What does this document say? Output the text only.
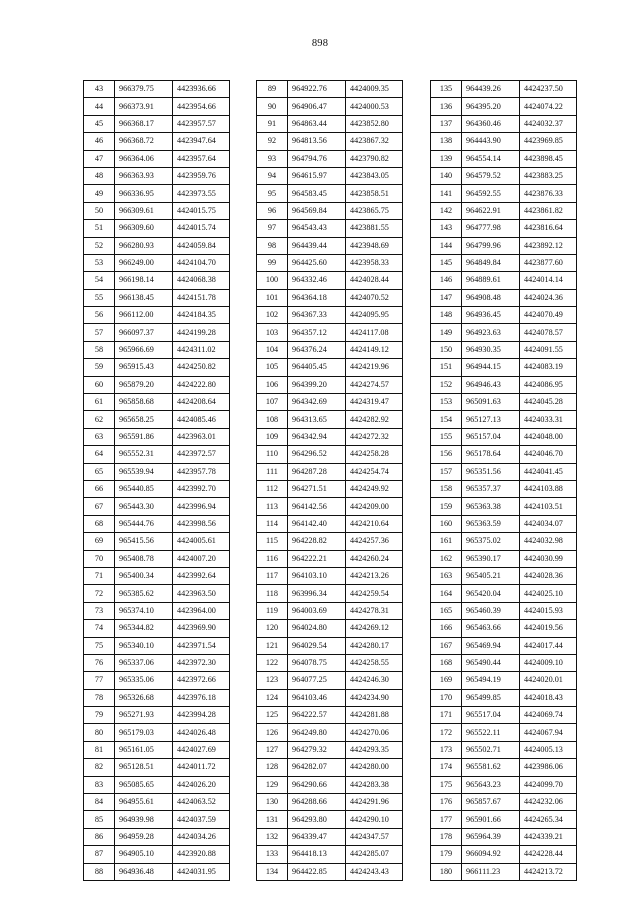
898
43	966379.75	4423936.66
44	966373.91	4423954.66
45	966368.17	4423957.57
46	966368.72	4423947.64
47	966364.06	4423957.64
48	966363.93	4423959.76
49	966336.95	4423973.55
50	966309.61	4424015.75
51	966309.60	4424015.74
52	966280.93	4424059.84
53	966249.00	4424104.70
54	966198.14	4424068.38
55	966138.45	4424151.78
56	966112.00	4424184.35
57	966097.37	4424199.28
58	965966.69	4424311.02
59	965915.43	4424250.82
60	965879.20	4424222.80
61	965858.68	4424208.64
62	965658.25	4424085.46
63	965591.86	4423963.01
64	965552.31	4423972.57
65	965539.94	4423957.78
66	965440.85	4423992.70
67	965443.30	4423996.94
68	965444.76	4423998.56
69	965415.56	4424005.61
70	965408.78	4424007.20
71	965400.34	4423992.64
72	965385.62	4423963.50
73	965374.10	4423964.00
74	965344.82	4423969.90
75	965340.10	4423971.54
76	965337.06	4423972.30
77	965335.06	4423972.66
78	965326.68	4423976.18
79	965271.93	4423994.28
80	965179.03	4424026.48
81	965161.05	4424027.69
82	965128.51	4424011.72
83	965085.65	4424026.20
84	964955.61	4424063.52
85	964939.98	4424037.59
86	964959.28	4424034.26
87	964905.10	4423920.88
88	964936.48	4424031.95
89	964922.76	4424009.35
90	964906.47	4424000.53
91	964863.44	4423852.80
92	964813.56	4423867.32
93	964794.76	4423790.82
94	964615.97	4423843.05
95	964583.45	4423858.51
96	964569.84	4423865.75
97	964543.43	4423881.55
98	964439.44	4423948.69
99	964425.60	4423958.33
100	964332.46	4424028.44
101	964364.18	4424070.52
102	964367.33	4424095.95
103	964357.12	4424117.08
104	964376.24	4424149.12
105	964405.45	4424219.96
106	964399.20	4424274.57
107	964342.69	4424319.47
108	964313.65	4424282.92
109	964342.94	4424272.32
110	964296.52	4424258.28
111	964287.28	4424254.74
112	964271.51	4424249.92
113	964142.56	4424209.00
114	964142.40	4424210.64
115	964228.82	4424257.36
116	964222.21	4424260.24
117	964103.10	4424213.26
118	963996.34	4424259.54
119	964003.69	4424278.31
120	964024.80	4424269.12
121	964029.54	4424280.17
122	964078.75	4424258.55
123	964077.25	4424246.30
124	964103.46	4424234.90
125	964222.57	4424281.88
126	964249.80	4424270.06
127	964279.32	4424293.35
128	964282.07	4424280.00
129	964290.66	4424283.38
130	964288.66	4424291.96
131	964293.80	4424290.10
132	964339.47	4424347.57
133	964418.13	4424285.07
134	964422.85	4424243.43
135	964439.26	4424237.50
136	964395.20	4424074.22
137	964360.46	4424032.37
138	964443.90	4423969.85
139	964554.14	4423898.45
140	964579.52	4423883.25
141	964592.55	4423876.33
142	964622.91	4423861.82
143	964777.98	4423816.64
144	964799.96	4423892.12
145	964849.84	4423877.60
146	964889.61	4424014.14
147	964908.48	4424024.36
148	964936.45	4424070.49
149	964923.63	4424078.57
150	964930.35	4424091.55
151	964944.15	4424083.19
152	964946.43	4424086.95
153	965091.63	4424045.28
154	965127.13	4424033.31
155	965157.04	4424048.00
156	965178.64	4424046.70
157	965351.56	4424041.45
158	965357.37	4424103.88
159	965363.38	4424103.51
160	965363.59	4424034.07
161	965375.02	4424032.98
162	965390.17	4424030.99
163	965405.21	4424028.36
164	965420.04	4424025.10
165	965460.39	4424015.93
166	965463.66	4424019.56
167	965469.94	4424017.44
168	965490.44	4424009.10
169	965494.19	4424020.01
170	965499.85	4424018.43
171	965517.04	4424069.74
172	965522.11	4424067.94
173	965502.71	4424005.13
174	965581.62	4423986.06
175	965643.23	4424099.70
176	965857.67	4424232.06
177	965901.66	4424265.34
178	965964.39	4424339.21
179	966094.92	4424228.44
180	966111.23	4424213.72
